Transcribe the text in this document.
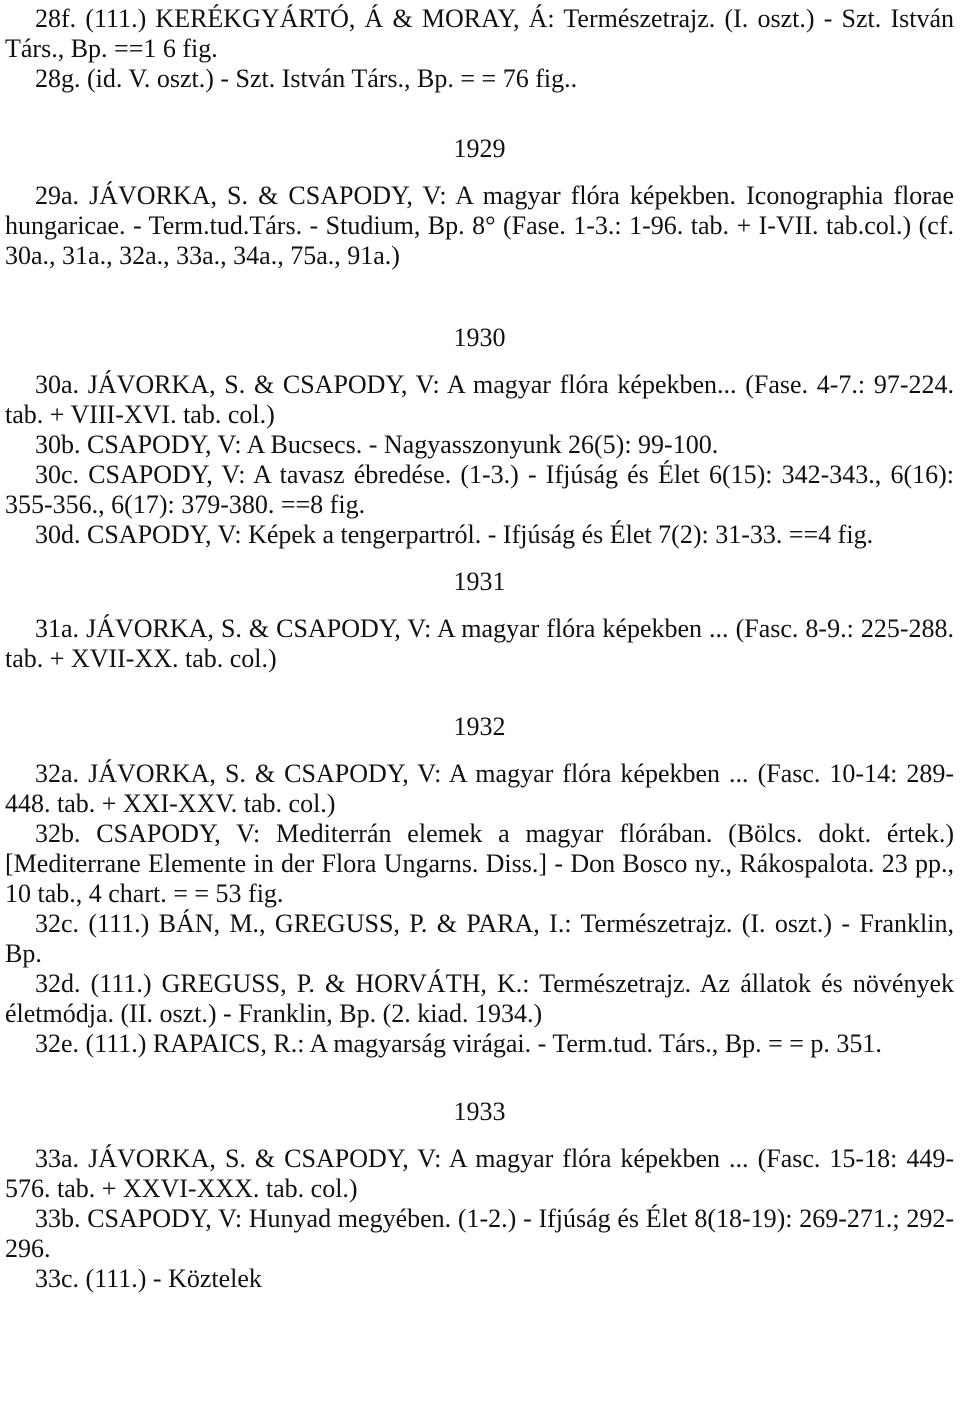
28f. (111.) KERÉKGYÁRTÓ, Á & MORAY, Á: Természetrajz. (I. oszt.) - Szt. István Társ., Bp. ==1 6 fig.

28g. (id. V. oszt.) - Szt. István Társ., Bp. = = 76 fig..

1929

29a. JÁVORKA, S. & CSAPODY, V: A magyar flóra képekben. Iconographia florae hungaricae. - Term.tud.Társ. - Studium, Bp. 8° (Fase. 1-3.: 1-96. tab. + I-VII. tab.col.) (cf. 30a., 31a., 32a., 33a., 34a., 75a., 91a.)

1930

30a. JÁVORKA, S. & CSAPODY, V: A magyar flóra képekben... (Fase. 4-7.: 97-224. tab. + VIII-XVI. tab. col.)

30b. CSAPODY, V: A Bucsecs. - Nagyasszonyunk 26(5): 99-100.

30c. CSAPODY, V: A tavasz ébredése. (1-3.) - Ifjúság és Élet 6(15): 342-343., 6(16): 355-356., 6(17): 379-380. ==8 fig.

30d. CSAPODY, V: Képek a tengerpartról. - Ifjúság és Élet 7(2): 31-33. ==4 fig.

1931

31a. JÁVORKA, S. & CSAPODY, V: A magyar flóra képekben ... (Fasc. 8-9.: 225-288. tab. + XVII-XX. tab. col.)

1932

32a. JÁVORKA, S. & CSAPODY, V: A magyar flóra képekben ... (Fasc. 10-14: 289-448. tab. + XXI-XXV. tab. col.)

32b. CSAPODY, V: Mediterrán elemek a magyar flórában. (Bölcs. dokt. értek.) [Mediterrane Elemente in der Flora Ungarns. Diss.] - Don Bosco ny., Rákospalota. 23 pp., 10 tab., 4 chart. = = 53 fig.

32c. (111.) BÁN, M., GREGUSS, P. & PARA, I.: Természetrajz. (I. oszt.) - Franklin, Bp.

32d. (111.) GREGUSS, P. & HORVÁTH, K.: Természetrajz. Az állatok és növények életmódja. (II. oszt.) - Franklin, Bp. (2. kiad. 1934.)

32e. (111.) RAPAICS, R.: A magyarság virágai. - Term.tud. Társ., Bp. = = p. 351.

1933

33a. JÁVORKA, S. & CSAPODY, V: A magyar flóra képekben ... (Fasc. 15-18: 449-576. tab. + XXVI-XXX. tab. col.)

33b. CSAPODY, V: Hunyad megyében. (1-2.) - Ifjúság és Élet 8(18-19): 269-271.; 292-296.

33c. (111.) - Köztelek
